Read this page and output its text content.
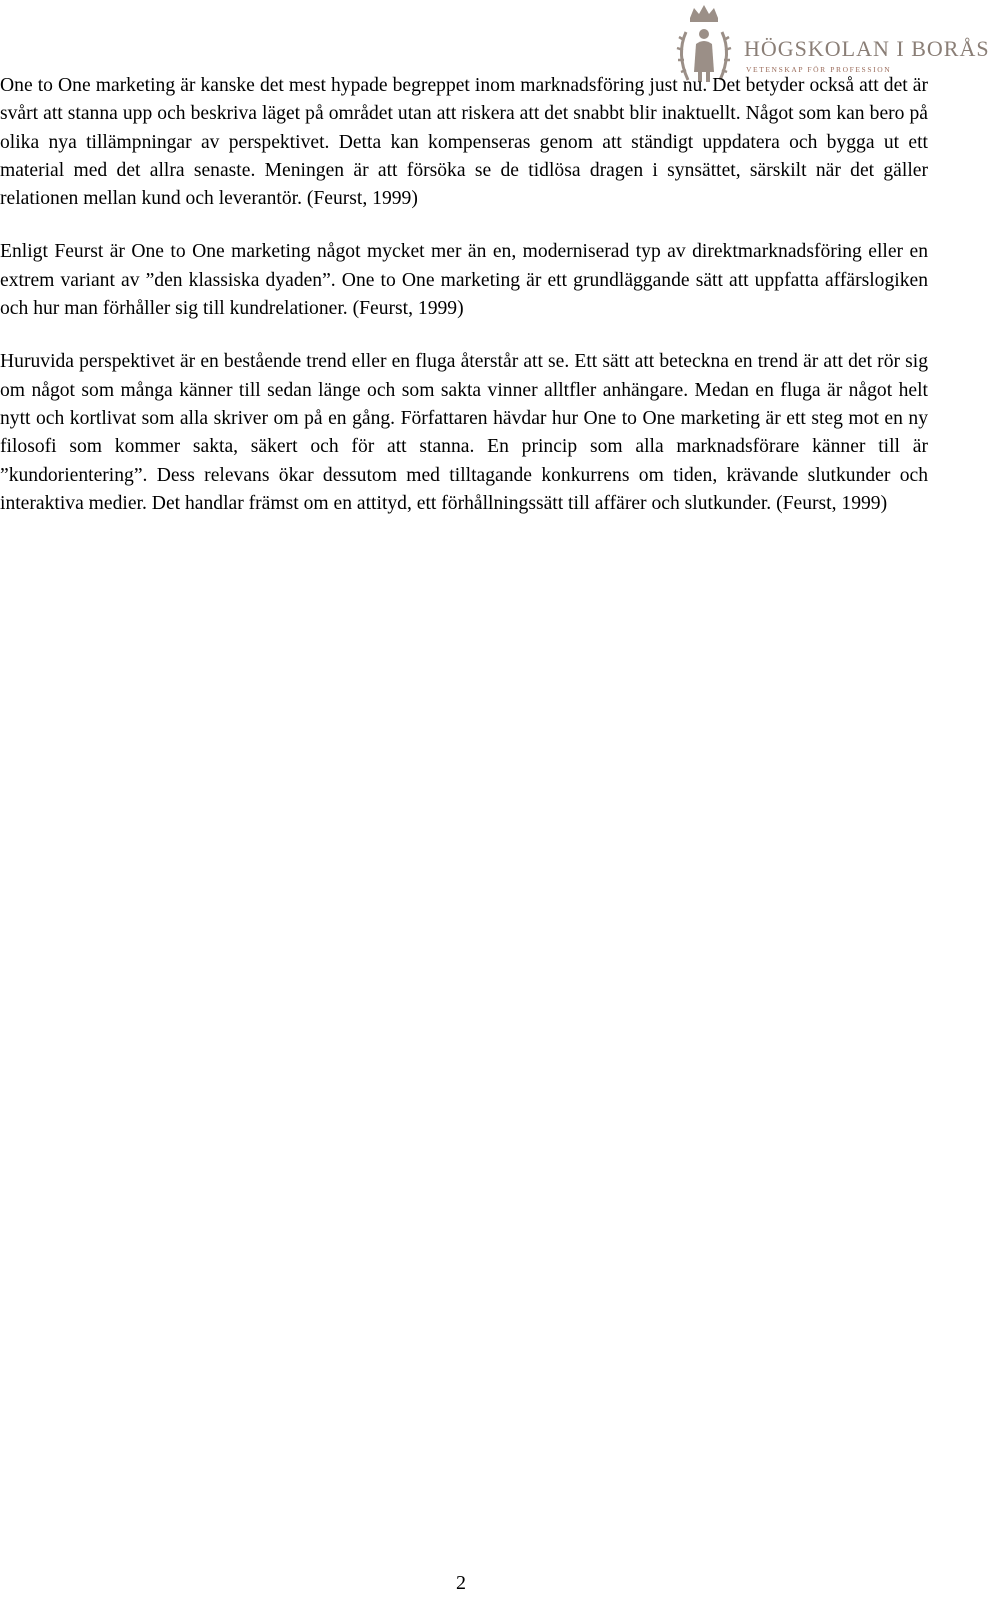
HÖGSKOLAN I BORÅS
VETENSKAP FÖR PROFESSION

One to One marketing är kanske det mest hypade begreppet inom marknadsföring just nu. Det betyder också att det är svårt att stanna upp och beskriva läget på området utan att riskera att det snabbt blir inaktuellt. Något som kan bero på olika nya tillämpningar av perspektivet. Detta kan kompenseras genom att ständigt uppdatera och bygga ut ett material med det allra senaste. Meningen är att försöka se de tidlösa dragen i synsättet, särskilt när det gäller relationen mellan kund och leverantör. (Feurst, 1999)

Enligt Feurst är One to One marketing något mycket mer än en, moderniserad typ av direktmarknadsföring eller en extrem variant av ”den klassiska dyaden”. One to One marketing är ett grundläggande sätt att uppfatta affärslogiken och hur man förhåller sig till kundrelationer. (Feurst, 1999)

Huruvida perspektivet är en bestående trend eller en fluga återstår att se. Ett sätt att beteckna en trend är att det rör sig om något som många känner till sedan länge och som sakta vinner alltfler anhängare. Medan en fluga är något helt nytt och kortlivat som alla skriver om på en gång. Författaren hävdar hur One to One marketing är ett steg mot en ny filosofi som kommer sakta, säkert och för att stanna. En princip som alla marknadsförare känner till är ”kundorientering”. Dess relevans ökar dessutom med tilltagande konkurrens om tiden, krävande slutkunder och interaktiva medier. Det handlar främst om en attityd, ett förhållningssätt till affärer och slutkunder. (Feurst, 1999)

2
